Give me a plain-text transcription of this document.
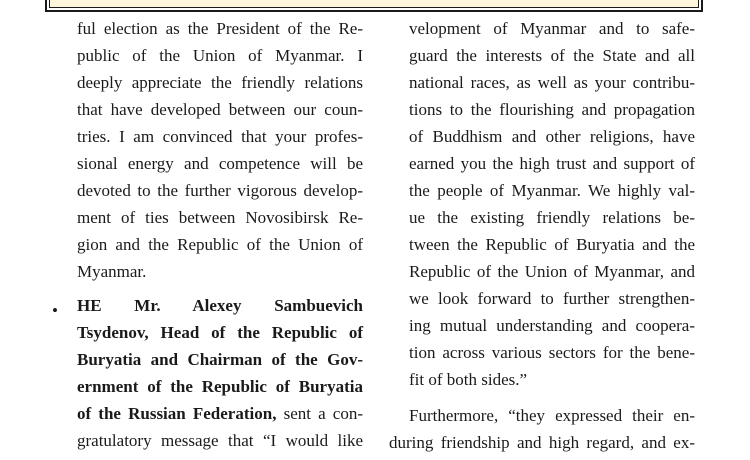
ful election as the President of the Re-
public of the Union of Myanmar. I
deeply appreciate the friendly relations
that have developed between our coun-
tries. I am convinced that your profes-
sional energy and competence will be
devoted to the further vigorous develop-
ment of ties between Novosibirsk Re-
gion and the Republic of the Union of
Myanmar.
HE Mr. Alexey Sambuevich
Tsydenov, Head of the Republic of
Buryatia and Chairman of the Gov-
ernment of the Republic of Buryatia
of the Russian Federation, sent a con-
gratulatory message that “I would like
•
velopment of Myanmar and to safe-
guard the interests of the State and all
national races, as well as your contribu-
tions to the flourishing and propagation
of Buddhism and other religions, have
earned you the high trust and support of
the people of Myanmar. We highly val-
ue the existing friendly relations be-
tween the Republic of Buryatia and the
Republic of the Union of Myanmar, and
we look forward to further strengthen-
ing mutual understanding and coopera-
tion across various sectors for the bene-
fit of both sides.”
Furthermore, “they expressed their en-
during friendship and high regard, and ex-
